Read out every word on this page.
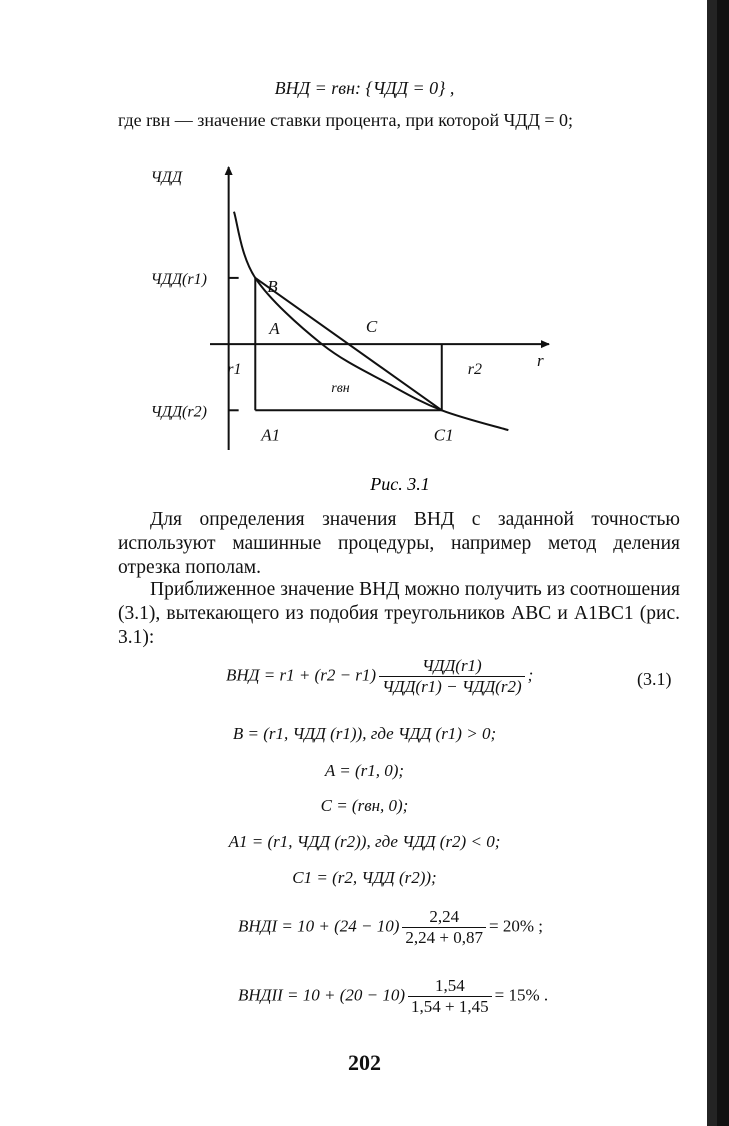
ВНД = rвн: {ЧДД = 0} ,
где rвн — значение ставки процента, при которой ЧДД = 0;
ЧДД
r
ЧДД(r1)
ЧДД(r2)
r1	r2
rвн
B
A	C
A1	C1
Рис. 3.1
Для определения значения ВНД с заданной точностью используют машинные процедуры, например метод деления отрезка пополам.
Приближенное значение ВНД можно получить из соотношения (3.1), вытекающего из подобия треугольников ABC и A1BC1 (рис. 3.1):
ВНД = $r1 + (r2 - r1) \frac{\text{ЧДД(r1)}}{\text{ЧДД(r1) − ЧДД(r2)}}$ ;	(3.1)
B = (r1, ЧДД (r1)), где ЧДД (r1) > 0;
A = (r1, 0);
C = (rвн, 0);
A1 = (r1, ЧДД (r2)), где ЧДД (r2) < 0;
C1 = (r2, ЧДД (r2));
ВНДI = $10 + (24 - 10) \frac{2,24}{2,24 + 0,87} = 20\%$ ;
ВНДII = $10 + (20 - 10) \frac{1,54}{1,54 + 1,45} = 15\%$ .
202
